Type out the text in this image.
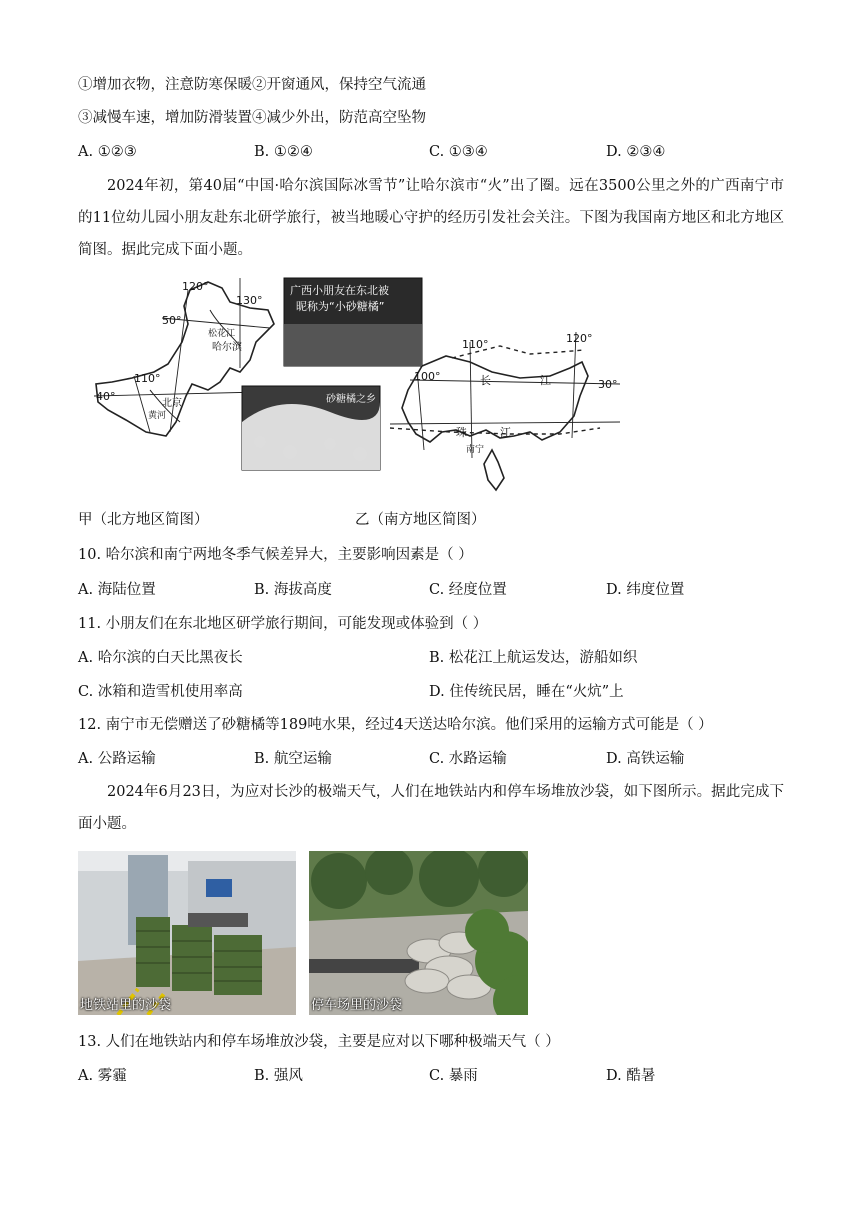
①增加衣物，注意防寒保暖②开窗通风，保持空气流通
③减慢车速，增加防滑装置④减少外出，防范高空坠物
A. ①②③	B. ①②④	C. ①③④	D. ②③④
2024年初，第40届“中国·哈尔滨国际冰雪节”让哈尔滨市“火”出了圈。远在3500公里之外的广西南宁市的11位幼儿园小朋友赴东北研学旅行，被当地暖心守护的经历引发社会关注。下图为我国南方地区和北方地区简图。据此完成下面小题。
120°
130°
50°
110°
40°
哈尔滨
松花江
北京
黄河
110°	120°
100°
30°
长	江
珠	江
南宁
广西小朋友在东北被
昵称为“小砂糖橘”
砂糖橘之乡
甲（北方地区简图）	乙（南方地区简图）
10. 哈尔滨和南宁两地冬季气候差异大，主要影响因素是（ ）
A. 海陆位置	B. 海拔高度	C. 经度位置	D. 纬度位置
11. 小朋友们在东北地区研学旅行期间，可能发现或体验到（ ）
A. 哈尔滨的白天比黑夜长	B. 松花江上航运发达，游船如织
C. 冰箱和造雪机使用率高	D. 住传统民居，睡在“火炕”上
12. 南宁市无偿赠送了砂糖橘等189吨水果，经过4天送达哈尔滨。他们采用的运输方式可能是（ ）
A. 公路运输	B. 航空运输	C. 水路运输	D. 高铁运输
2024年6月23日，为应对长沙的极端天气，人们在地铁站内和停车场堆放沙袋，如下图所示。据此完成下面小题。
地铁站里的沙袋	停车场里的沙袋
13. 人们在地铁站内和停车场堆放沙袋，主要是应对以下哪种极端天气（ ）
A. 雾霾	B. 强风	C. 暴雨	D. 酷暑
